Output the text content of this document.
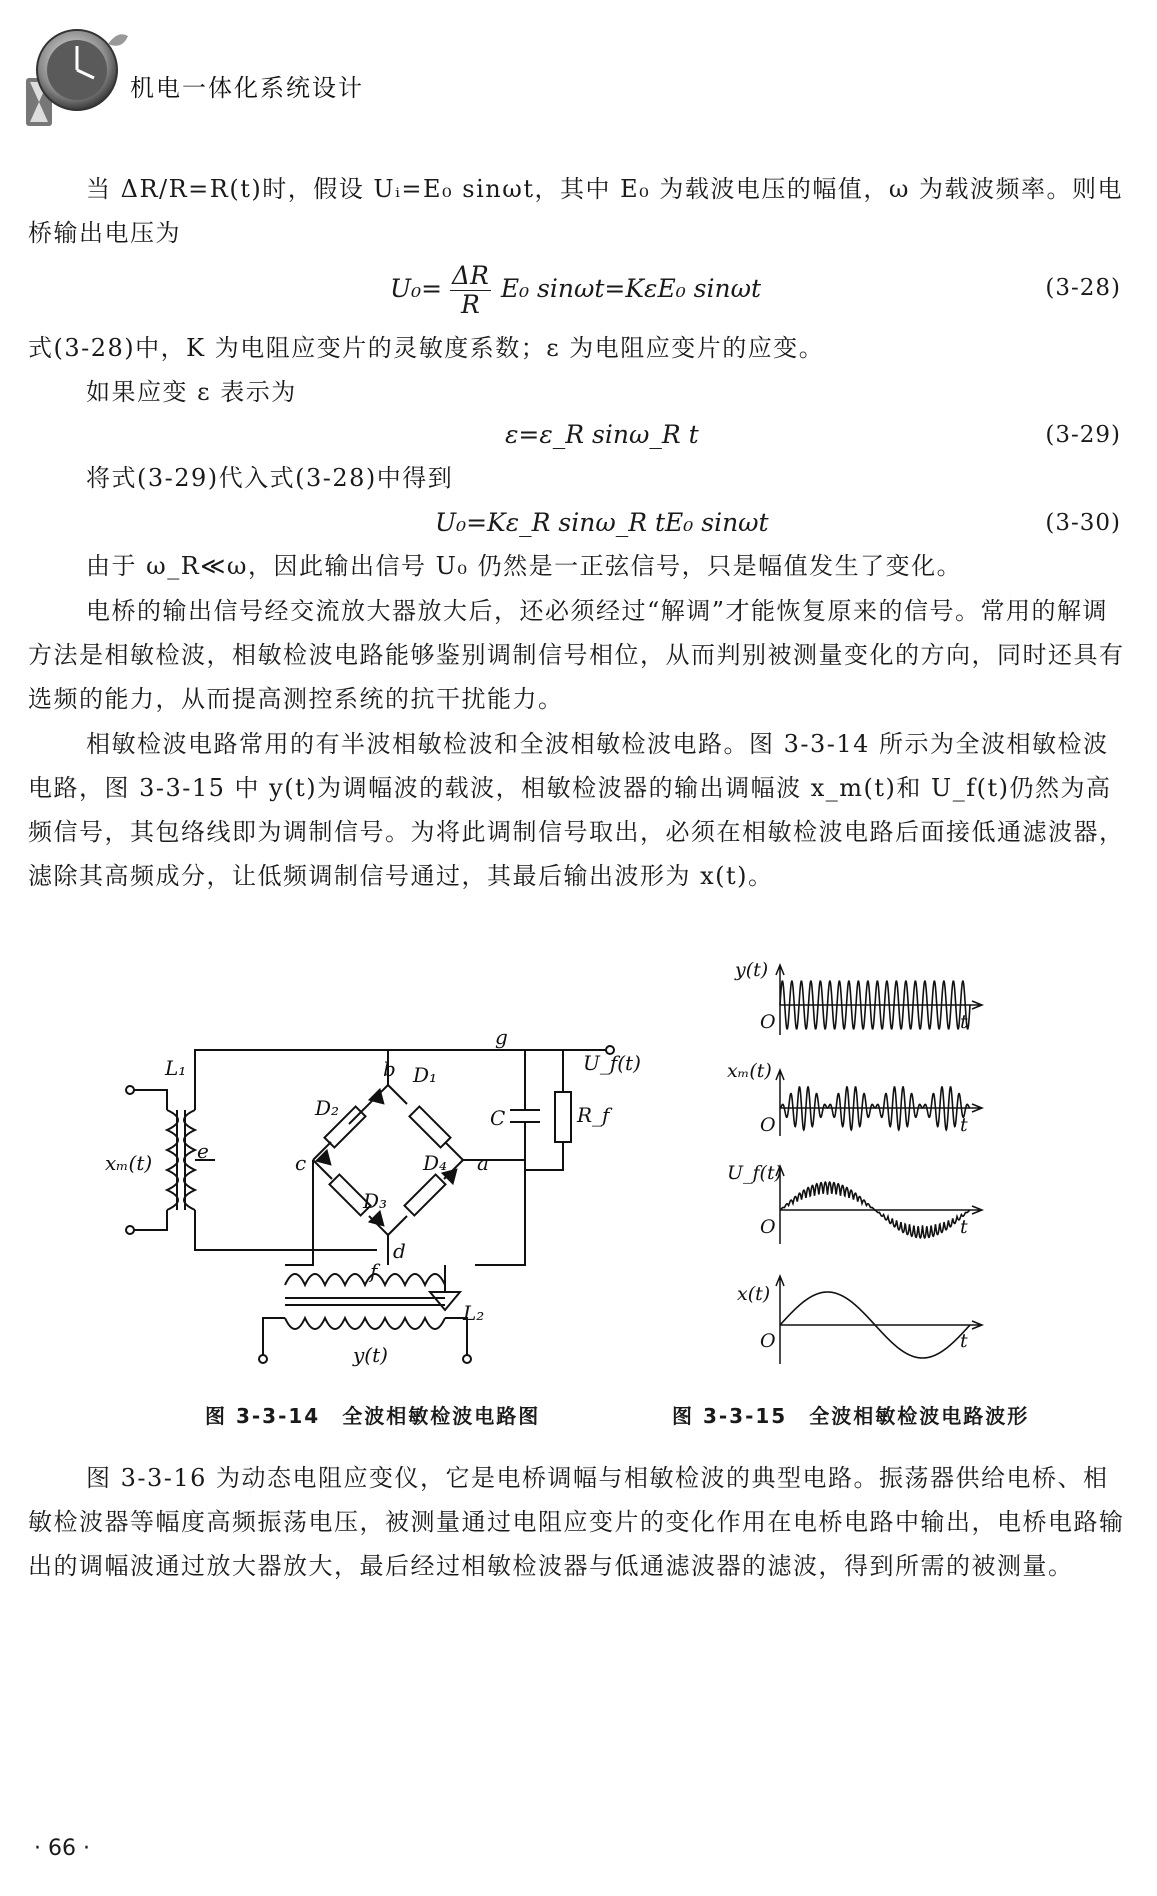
机电一体化系统设计
当 ΔR/R=R(t)时，假设 Uᵢ=E₀ sinωt，其中 E₀ 为载波电压的幅值，ω 为载波频率。则电桥输出电压为
$U_0= \frac{\Delta R}{R} E_0$ sinωt=KεE₀ sinωt	(3-28)
式(3-28)中，K 为电阻应变片的灵敏度系数；ε 为电阻应变片的应变。
如果应变 ε 表示为
ε=ε_R sinω_R t	(3-29)
将式(3-29)代入式(3-28)中得到
U₀=Kε_R sinω_R tE₀ sinωt	(3-30)
由于 ω_R≪ω，因此输出信号 U₀ 仍然是一正弦信号，只是幅值发生了变化。
电桥的输出信号经交流放大器放大后，还必须经过“解调”才能恢复原来的信号。常用的解调方法是相敏检波，相敏检波电路能够鉴别调制信号相位，从而判别被测量变化的方向，同时还具有选频的能力，从而提高测控系统的抗干扰能力。
相敏检波电路常用的有半波相敏检波和全波相敏检波电路。图 3-3-14 所示为全波相敏检波电路，图 3-3-15 中 y(t)为调幅波的载波，相敏检波器的输出调幅波 x_m(t)和 U_f(t)仍然为高频信号，其包络线即为调制信号。为将此调制信号取出，必须在相敏检波电路后面接低通滤波器，滤除其高频成分，让低频调制信号通过，其最后输出波形为 x(t)。
L₁
xₘ(t) e
b
c	a
d
f
g
C	R_f
U_f(t)
D₁
D₂
D₃
D₄
L₂
y(t)
y(t)
O	t
xₘ(t)
O	t
U_f(t)
O	t
x(t)
O	t
图 3-3-14　全波相敏检波电路图	图 3-3-15　全波相敏检波电路波形
图 3-3-16 为动态电阻应变仪，它是电桥调幅与相敏检波的典型电路。振荡器供给电桥、相敏检波器等幅度高频振荡电压，被测量通过电阻应变片的变化作用在电桥电路中输出，电桥电路输出的调幅波通过放大器放大，最后经过相敏检波器与低通滤波器的滤波，得到所需的被测量。
· 66 ·
